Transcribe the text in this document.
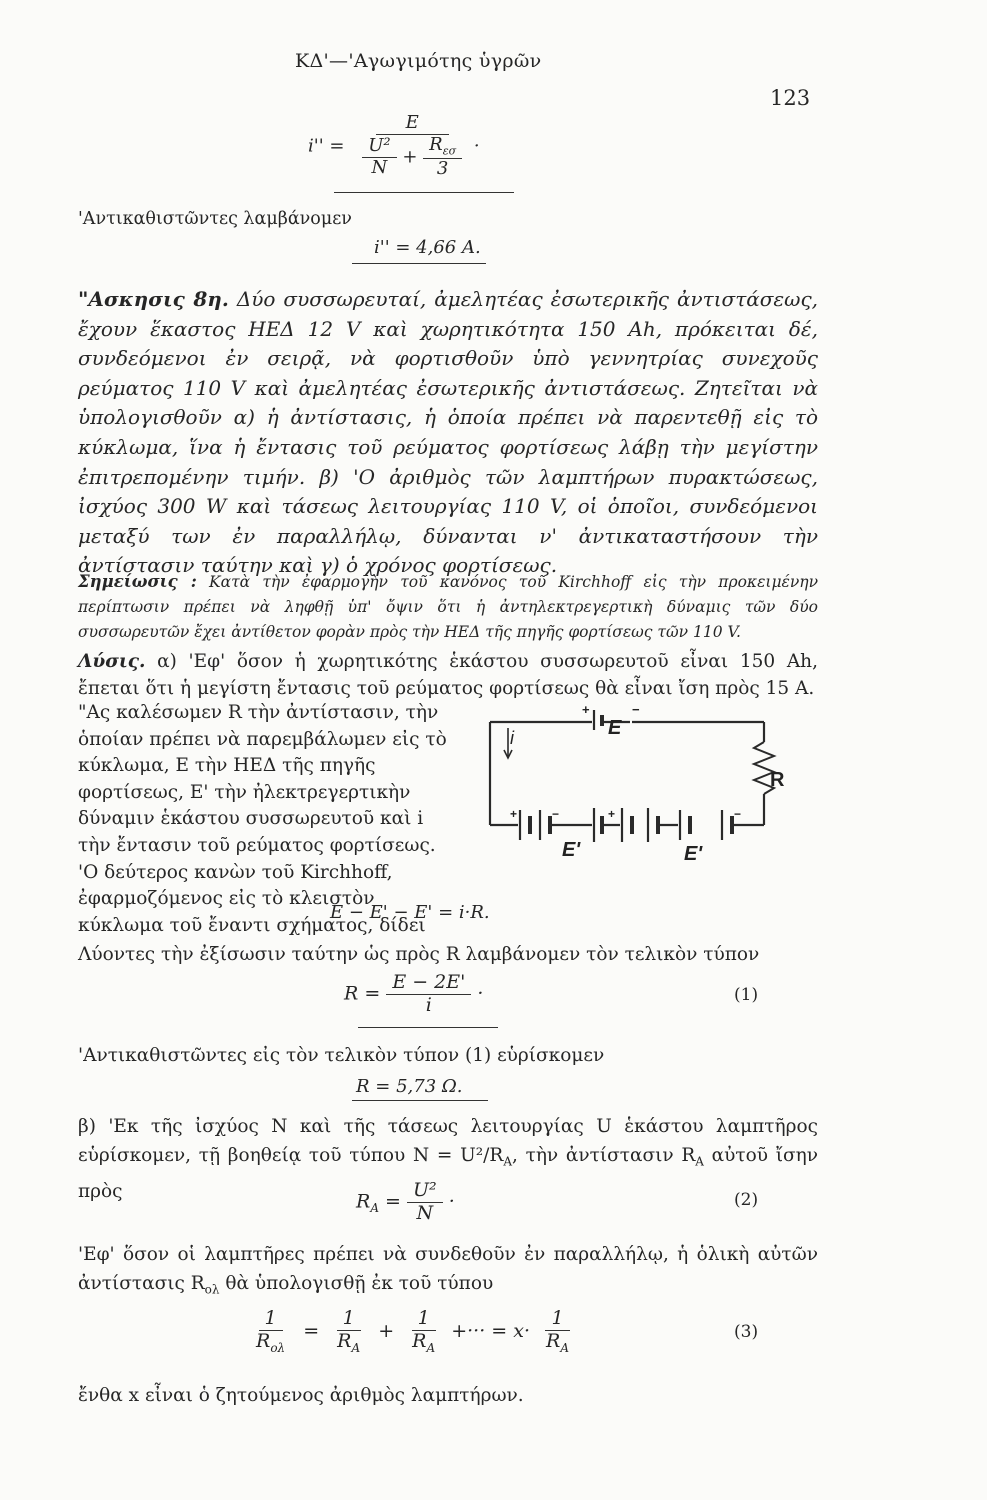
ΚΔ'—'Αγωγιμότης ὑγρῶν
123
$i'' = \frac{E}{\frac{\text{U²}}{N} + \frac{R_{\varepsilon\sigma}}{3}}$ ·
'Αντικαθιστῶντες λαμβάνομεν
i'' = 4,66 A.
"Ασκησις 8η. Δύο συσσωρευταί, ἀμελητέας ἐσωτερικῆς ἀντιστάσεως, ἔχουν ἕκαστος ΗΕΔ 12 V καὶ χωρητικότητα 150 Ah, πρόκειται δέ, συνδεόμενοι ἐν σειρᾷ, νὰ φορτισθοῦν ὑπὸ γεννητρίας συνεχοῦς ρεύματος 110 V καὶ ἀμελητέας ἐσωτερικῆς ἀντιστάσεως. Ζητεῖται νὰ ὑπολογισθοῦν α) ἡ ἀντίστασις, ἡ ὁποία πρέπει νὰ παρεντεθῇ εἰς τὸ κύκλωμα, ἵνα ἡ ἔντασις τοῦ ρεύματος φορτίσεως λάβῃ τὴν μεγίστην ἐπιτρεπομένην τιμήν. β) 'Ο ἀριθμὸς τῶν λαμπτήρων πυρακτώσεως, ἰσχύος 300 W καὶ τάσεως λειτουργίας 110 V, οἱ ὁποῖοι, συνδεόμενοι μεταξύ των ἐν παραλλήλῳ, δύνανται ν' ἀντικαταστήσουν τὴν ἀντίστασιν ταύτην καὶ γ) ὁ χρόνος φορτίσεως.
Σημείωσις : Κατὰ τὴν ἐφαρμογὴν τοῦ κανόνος τοῦ Kirchhoff εἰς τὴν προκειμένην περίπτωσιν πρέπει νὰ ληφθῇ ὑπ' ὄψιν ὅτι ἡ ἀντηλεκτρεγερτικὴ δύναμις τῶν δύο συσσωρευτῶν ἔχει ἀντίθετον φορὰν πρὸς τὴν ΗΕΔ τῆς πηγῆς φορτίσεως τῶν 110 V.
Λύσις. α) 'Εφ' ὅσον ἡ χωρητικότης ἑκάστου συσσωρευτοῦ εἶναι 150 Ah, ἔπεται ὅτι ἡ μεγίστη ἔντασις τοῦ ρεύματος φορτίσεως θὰ εἶναι ἴση πρὸς 15 A.
"Ας καλέσωμεν R τὴν ἀντίστασιν, τὴν ὁποίαν πρέπει νὰ παρεμβάλωμεν εἰς τὸ κύκλωμα, E τὴν ΗΕΔ τῆς πηγῆς φορτίσεως, E' τὴν ἠλεκτρεγερτικὴν δύναμιν ἑκάστου συσσωρευτοῦ καὶ i τὴν ἔντασιν τοῦ ρεύματος φορτίσεως. 'Ο δεύτερος κανὼν τοῦ Kirchhoff, ἐφαρμοζόμενος εἰς τὸ κλειστὸν κύκλωμα τοῦ ἔναντι σχήματος, δίδει
+	−
E
i
R
+	−
E'
+	−
E'
E − E' − E' = i·R.
Λύοντες τὴν ἐξίσωσιν ταύτην ὡς πρὸς R λαμβάνομεν τὸν τελικὸν τύπον
$R = \frac{E - 2E'}{i}$ ·	(1)
'Αντικαθιστῶντες εἰς τὸν τελικὸν τύπον (1) εὑρίσκομεν
R = 5,73 Ω.
β) 'Εκ τῆς ἰσχύος N καὶ τῆς τάσεως λειτουργίας U ἑκάστου λαμπτῆρος εὑρίσκομεν, τῇ βοηθείᾳ τοῦ τύπου $N = U^2/R_A$, τὴν ἀντίστασιν $R_A$ αὐτοῦ ἴσην πρὸς	$R_A = \frac{\text{U²}}{N}$ ·	(2)
'Εφ' ὅσον οἱ λαμπτῆρες πρέπει νὰ συνδεθοῦν ἐν παραλλήλῳ, ἡ ὁλικὴ αὐτῶν ἀντίστασις $R_{o\lambda}$ θὰ ὑπολογισθῇ ἐκ τοῦ τύπου
$\frac{1}{R_{o\lambda}} = \frac{1}{R_A} + \frac{1}{R_A}$ +··· = $x\cdot \frac{1}{R_A}$	(3)
ἔνθα x εἶναι ὁ ζητούμενος ἀριθμὸς λαμπτήρων.
